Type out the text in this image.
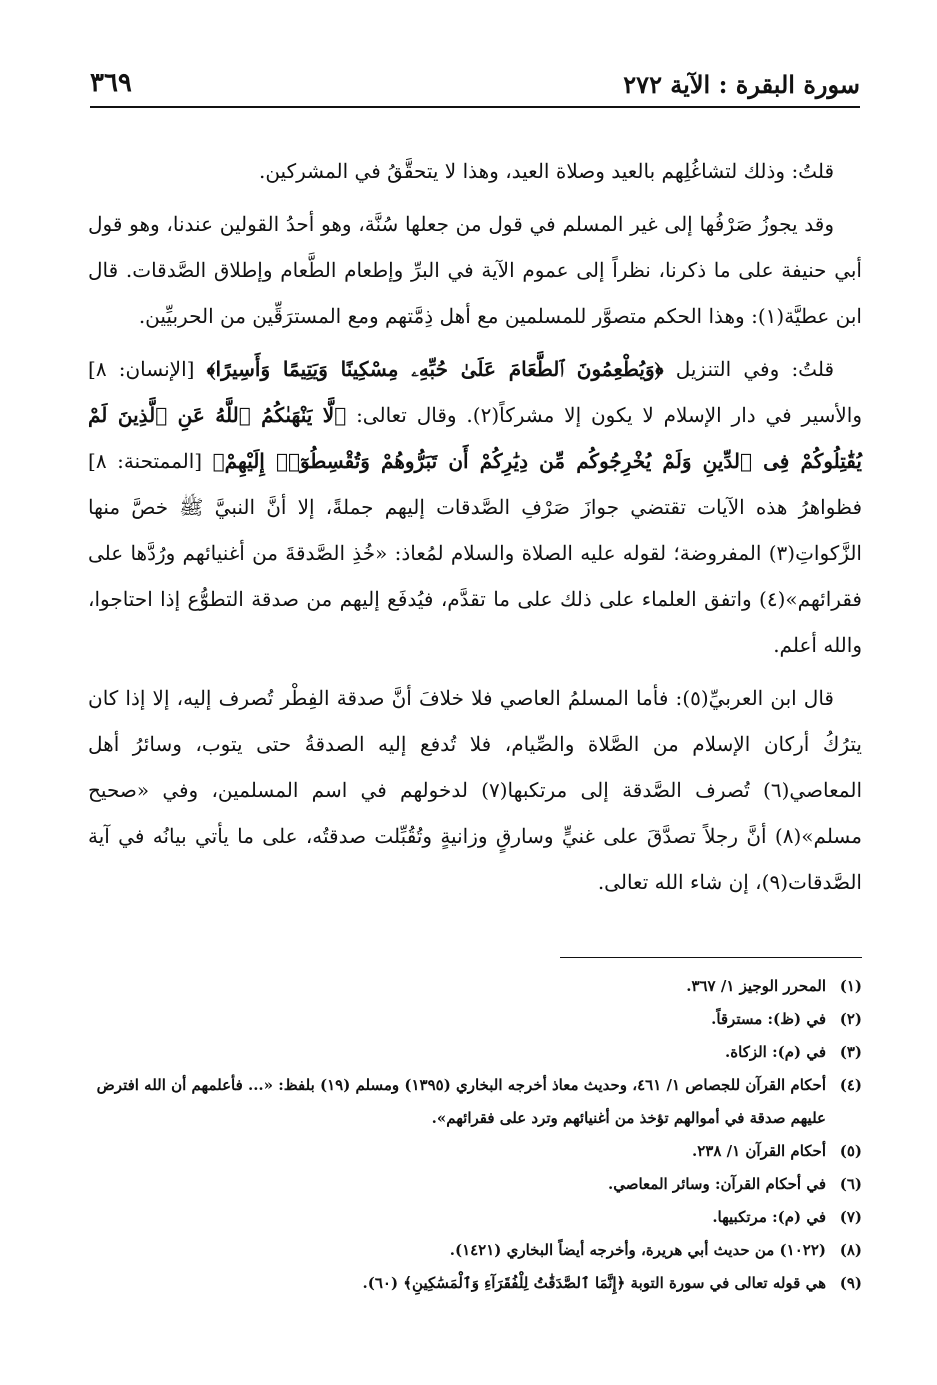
سورة البقرة : الآية ٢٧٢
٣٦٩

قلتُ: وذلك لتشاغُلِهم بالعيد وصلاة العيد، وهذا لا يتحقَّقُ في المشركين.

وقد يجوزُ صَرْفُها إلى غير المسلم في قول من جعلها سُنَّة، وهو أحدُ القولين عندنا، وهو قول أبي حنيفة على ما ذكرنا، نظراً إلى عموم الآية في البرِّ وإطعام الطَّعام وإطلاق الصَّدقات. قال ابن عطيَّة(١): وهذا الحكم متصوَّر للمسلمين مع أهل ذِمَّتهم ومع المسترَقِّين من الحربيِّين.

قلتُ: وفي التنزيل ﴿وَيُطْعِمُونَ ٱلطَّعَامَ عَلَىٰ حُبِّهِۦ مِسْكِينًا وَيَتِيمًا وَأَسِيرًا﴾ [الإنسان: ٨] والأسير في دار الإسلام لا يكون إلا مشركاً(٢). وقال تعالى: ﴿لَّا يَنْهَىٰكُمُ ٱللَّهُ عَنِ ٱلَّذِينَ لَمْ يُقَٰتِلُوكُمْ فِى ٱلدِّينِ وَلَمْ يُخْرِجُوكُم مِّن دِيَٰرِكُمْ أَن تَبَرُّوهُمْ وَتُقْسِطُوٓا۟ إِلَيْهِمْ﴾ [الممتحنة: ٨] فظواهرُ هذه الآيات تقتضي جوازَ صَرْفِ الصَّدقات إليهم جملةً، إلا أنَّ النبيَّ ﷺ خصَّ منها الزَّكواتِ(٣) المفروضة؛ لقوله عليه الصلاة والسلام لمُعاذ: «خُذِ الصَّدقةَ من أغنيائهم ورُدَّها على فقرائهم»(٤) واتفق العلماء على ذلك على ما تقدَّم، فيُدفَع إليهم من صدقة التطوُّع إذا احتاجوا، والله أعلم.

قال ابن العربيِّ(٥): فأما المسلمُ العاصي فلا خلافَ أنَّ صدقة الفِطْر تُصرف إليه، إلا إذا كان يترُكُ أركان الإسلام من الصَّلاة والصِّيام، فلا تُدفع إليه الصدقةُ حتى يتوب، وسائرُ أهل المعاصي(٦) تُصرف الصَّدقة إلى مرتكبها(٧) لدخولهم في اسم المسلمين، وفي «صحيح مسلم»(٨) أنَّ رجلاً تصدَّقَ على غنيٍّ وسارقٍ وزانيةٍ وتُقُبِّلت صدقتُه، على ما يأتي بيانُه في آية الصَّدقات(٩)، إن شاء الله تعالى.

(١)
المحرر الوجيز ١/ ٣٦٧.
(٢)
في (ظ): مسترقاً.
(٣)
في (م): الزكاة.
(٤)
أحكام القرآن للجصاص ١/ ٤٦١، وحديث معاذ أخرجه البخاري (١٣٩٥) ومسلم (١٩) بلفظ: «... فأعلمهم أن الله افترض عليهم صدقة في أموالهم تؤخذ من أغنيائهم وترد على فقرائهم».
(٥)
أحكام القرآن ١/ ٢٣٨.
(٦)
في أحكام القرآن: وسائر المعاصي.
(٧)
في (م): مرتكبيها.
(٨)
(١٠٢٢) من حديث أبي هريرة، وأخرجه أيضاً البخاري (١٤٢١).
(٩)
هي قوله تعالى في سورة التوبة ﴿إِنَّمَا ٱلصَّدَقَٰتُ لِلْفُقَرَآءِ وَٱلْمَسَٰكِينِ﴾ (٦٠).
